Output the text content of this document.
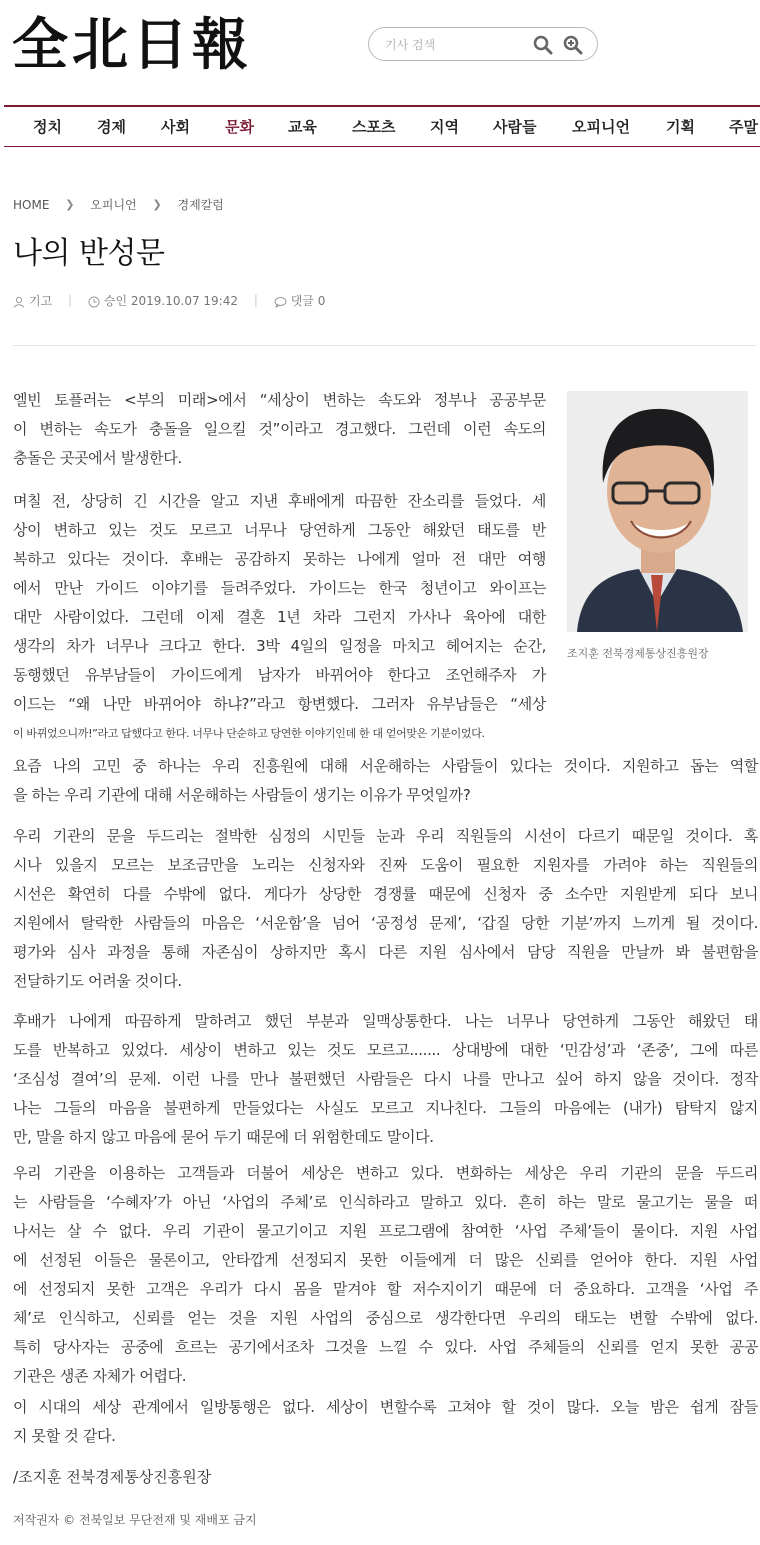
全北日報
기사 검색
정치 경제 사회 문화 교육 스포츠 지역 사람들 오피니언 기획 주말
HOME ❯ 오피니언 ❯ 경제칼럼
나의 반성문
기고 |	승인 2019.10.07 19:42 |	댓글 0
조지훈 전북경제통상진흥원장
엘빈 토플러는 <부의 미래>에서 “세상이 변하는 속도와 정부나 공공부문
이 변하는 속도가 충돌을 일으킬 것”이라고 경고했다. 그런데 이런 속도의
충돌은 곳곳에서 발생한다.
며칠 전, 상당히 긴 시간을 알고 지낸 후배에게 따끔한 잔소리를 들었다. 세
상이 변하고 있는 것도 모르고 너무나 당연하게 그동안 해왔던 태도를 반
복하고 있다는 것이다. 후배는 공감하지 못하는 나에게 얼마 전 대만 여행
에서 만난 가이드 이야기를 들려주었다. 가이드는 한국 청년이고 와이프는
대만 사람이었다. 그런데 이제 결혼 1년 차라 그런지 가사나 육아에 대한
생각의 차가 너무나 크다고 한다. 3박 4일의 일정을 마치고 헤어지는 순간,
동행했던 유부남들이 가이드에게 남자가 바뀌어야 한다고 조언해주자 가
이드는 “왜 나만 바뀌어야 하냐?”라고 항변했다. 그러자 유부남들은 “세상
이 바뀌었으니까!”라고 답했다고 한다. 너무나 단순하고 당연한 이야기인데 한 대 얻어맞은 기분이었다.
요즘 나의 고민 중 하나는 우리 진흥원에 대해 서운해하는 사람들이 있다는 것이다. 지원하고 돕는 역할
을 하는 우리 기관에 대해 서운해하는 사람들이 생기는 이유가 무엇일까?
우리 기관의 문을 두드리는 절박한 심정의 시민들 눈과 우리 직원들의 시선이 다르기 때문일 것이다. 혹
시나 있을지 모르는 보조금만을 노리는 신청자와 진짜 도움이 필요한 지원자를 가려야 하는 직원들의
시선은 확연히 다를 수밖에 없다. 게다가 상당한 경쟁률 때문에 신청자 중 소수만 지원받게 되다 보니
지원에서 탈락한 사람들의 마음은 ‘서운함’을 넘어 ‘공정성 문제’, ‘갑질 당한 기분’까지 느끼게 될 것이다.
평가와 심사 과정을 통해 자존심이 상하지만 혹시 다른 지원 심사에서 담당 직원을 만날까 봐 불편함을
전달하기도 어려울 것이다.
후배가 나에게 따끔하게 말하려고 했던 부분과 일맥상통한다. 나는 너무나 당연하게 그동안 해왔던 태
도를 반복하고 있었다. 세상이 변하고 있는 것도 모르고....... 상대방에 대한 ‘민감성’과 ‘존중’, 그에 따른
‘조심성 결여’의 문제. 이런 나를 만나 불편했던 사람들은 다시 나를 만나고 싶어 하지 않을 것이다. 정작
나는 그들의 마음을 불편하게 만들었다는 사실도 모르고 지나친다. 그들의 마음에는 (내가) 탐탁지 않지
만, 말을 하지 않고 마음에 묻어 두기 때문에 더 위험한데도 말이다.
우리 기관을 이용하는 고객들과 더불어 세상은 변하고 있다. 변화하는 세상은 우리 기관의 문을 두드리
는 사람들을 ‘수혜자’가 아닌 ‘사업의 주체’로 인식하라고 말하고 있다. 흔히 하는 말로 물고기는 물을 떠
나서는 살 수 없다. 우리 기관이 물고기이고 지원 프로그램에 참여한 ‘사업 주체’들이 물이다. 지원 사업
에 선정된 이들은 물론이고, 안타깝게 선정되지 못한 이들에게 더 많은 신뢰를 얻어야 한다. 지원 사업
에 선정되지 못한 고객은 우리가 다시 몸을 맡겨야 할 저수지이기 때문에 더 중요하다. 고객을 ‘사업 주
체’로 인식하고, 신뢰를 얻는 것을 지원 사업의 중심으로 생각한다면 우리의 태도는 변할 수밖에 없다.
특히 당사자는 공중에 흐르는 공기에서조차 그것을 느낄 수 있다. 사업 주체들의 신뢰를 얻지 못한 공공
기관은 생존 자체가 어렵다.
이 시대의 세상 관계에서 일방통행은 없다. 세상이 변할수록 고쳐야 할 것이 많다. 오늘 밤은 쉽게 잠들
지 못할 것 같다.
/조지훈 전북경제통상진흥원장
저작권자 © 전북일보 무단전재 및 재배포 금지
